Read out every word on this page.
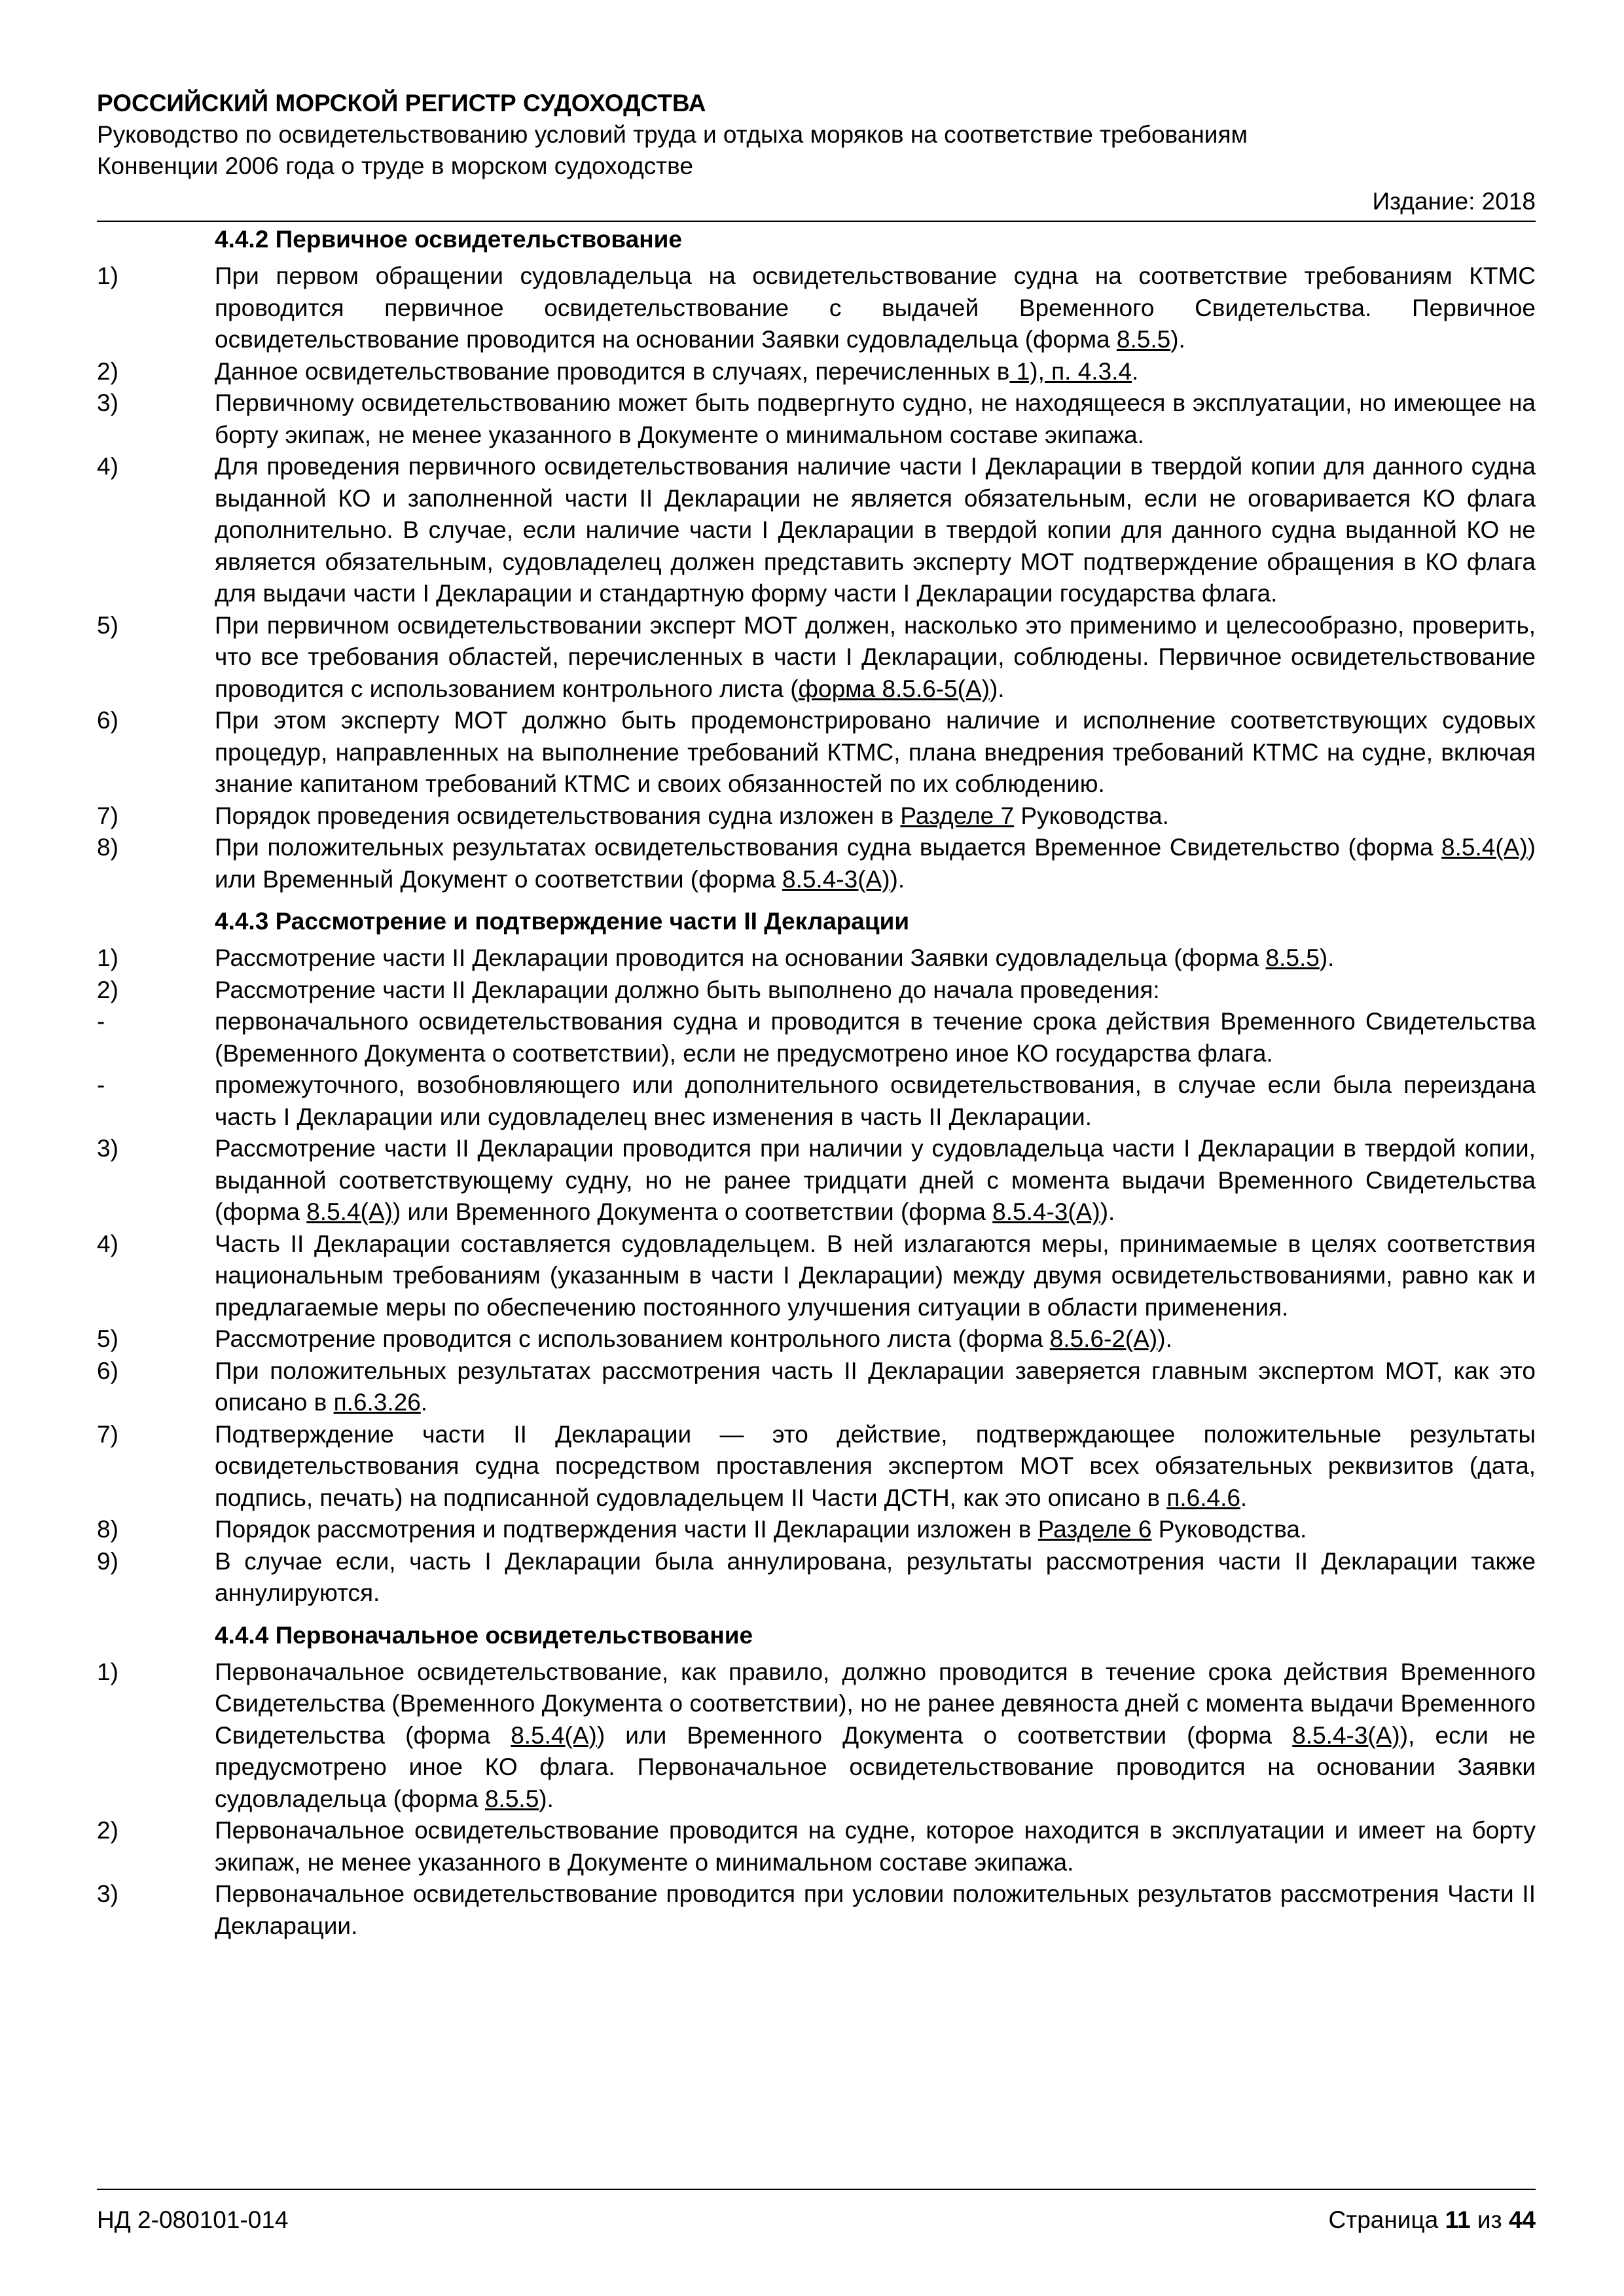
РОССИЙСКИЙ МОРСКОЙ РЕГИСТР СУДОХОДСТВА
Руководство по освидетельствованию условий труда и отдыха моряков на соответствие требованиям
Конвенции 2006 года о труде в морском судоходстве
Издание: 2018
4.4.2 Первичное освидетельствование
1)	При первом обращении судовладельца на освидетельствование судна на соответствие требованиям КТМС проводится первичное освидетельствование с выдачей Временного Свидетельства. Первичное освидетельствование проводится на основании Заявки судовладельца (форма 8.5.5).
2)	Данное освидетельствование проводится в случаях, перечисленных в 1), п. 4.3.4.
3)	Первичному освидетельствованию может быть подвергнуто судно, не находящееся в эксплуатации, но имеющее на борту экипаж, не менее указанного в Документе о минимальном составе экипажа.
4)	Для проведения первичного освидетельствования наличие части I Декларации в твердой копии для данного судна выданной КО и заполненной части II Декларации не является обязательным, если не оговаривается КО флага дополнительно. В случае, если наличие части I Декларации в твердой копии для данного судна выданной КО не является обязательным, судовладелец должен представить эксперту МОТ подтверждение обращения в КО флага для выдачи части I Декларации и стандартную форму части I Декларации государства флага.
5)	При первичном освидетельствовании эксперт МОТ должен, насколько это применимо и целесообразно, проверить, что все требования областей, перечисленных в части I Декларации, соблюдены. Первичное освидетельствование проводится с использованием контрольного листа (форма 8.5.6-5(А)).
6)	При этом эксперту МОТ должно быть продемонстрировано наличие и исполнение соответствующих судовых процедур, направленных на выполнение требований КТМС, плана внедрения требований КТМС на судне, включая знание капитаном требований КТМС и своих обязанностей по их соблюдению.
7)	Порядок проведения освидетельствования судна изложен в Разделе 7 Руководства.
8)	При положительных результатах освидетельствования судна выдается Временное Свидетельство (форма 8.5.4(А)) или Временный Документ о соответствии (форма 8.5.4-3(А)).
4.4.3 Рассмотрение и подтверждение части II Декларации
1)	Рассмотрение части II Декларации проводится на основании Заявки судовладельца (форма 8.5.5).
2)	Рассмотрение части II Декларации должно быть выполнено до начала проведения:
-	первоначального освидетельствования судна и проводится в течение срока действия Временного Свидетельства (Временного Документа о соответствии), если не предусмотрено иное КО государства флага.
-	промежуточного, возобновляющего или дополнительного освидетельствования, в случае если была переиздана часть I Декларации или судовладелец внес изменения в часть II Декларации.
3)	Рассмотрение части II Декларации проводится при наличии у судовладельца части I Декларации в твердой копии, выданной соответствующему судну, но не ранее тридцати дней с момента выдачи Временного Свидетельства (форма 8.5.4(А)) или Временного Документа о соответствии (форма 8.5.4-3(А)).
4)	Часть II Декларации составляется судовладельцем. В ней излагаются меры, принимаемые в целях соответствия национальным требованиям (указанным в части I Декларации) между двумя освидетельствованиями, равно как и предлагаемые меры по обеспечению постоянного улучшения ситуации в области применения.
5)	Рассмотрение проводится с использованием контрольного листа (форма 8.5.6-2(А)).
6)	При положительных результатах рассмотрения часть II Декларации заверяется главным экспертом МОТ, как это описано в п.6.3.26.
7)	Подтверждение части II Декларации — это действие, подтверждающее положительные результаты освидетельствования судна посредством проставления экспертом МОТ всех обязательных реквизитов (дата, подпись, печать) на подписанной судовладельцем II Части ДСТН, как это описано в п.6.4.6.
8)	Порядок рассмотрения и подтверждения части II Декларации изложен в Разделе 6 Руководства.
9)	В случае если, часть I Декларации была аннулирована, результаты рассмотрения части II Декларации также аннулируются.
4.4.4 Первоначальное освидетельствование
1)	Первоначальное освидетельствование, как правило, должно проводится в течение срока действия Временного Свидетельства (Временного Документа о соответствии), но не ранее девяноста дней с момента выдачи Временного Свидетельства (форма 8.5.4(А)) или Временного Документа о соответствии (форма 8.5.4-3(А)), если не предусмотрено иное КО флага. Первоначальное освидетельствование проводится на основании Заявки судовладельца (форма 8.5.5).
2)	Первоначальное освидетельствование проводится на судне, которое находится в эксплуатации и имеет на борту экипаж, не менее указанного в Документе о минимальном составе экипажа.
3)	Первоначальное освидетельствование проводится при условии положительных результатов рассмотрения Части II Декларации.
НД 2-080101-014	Страница 11 из 44
